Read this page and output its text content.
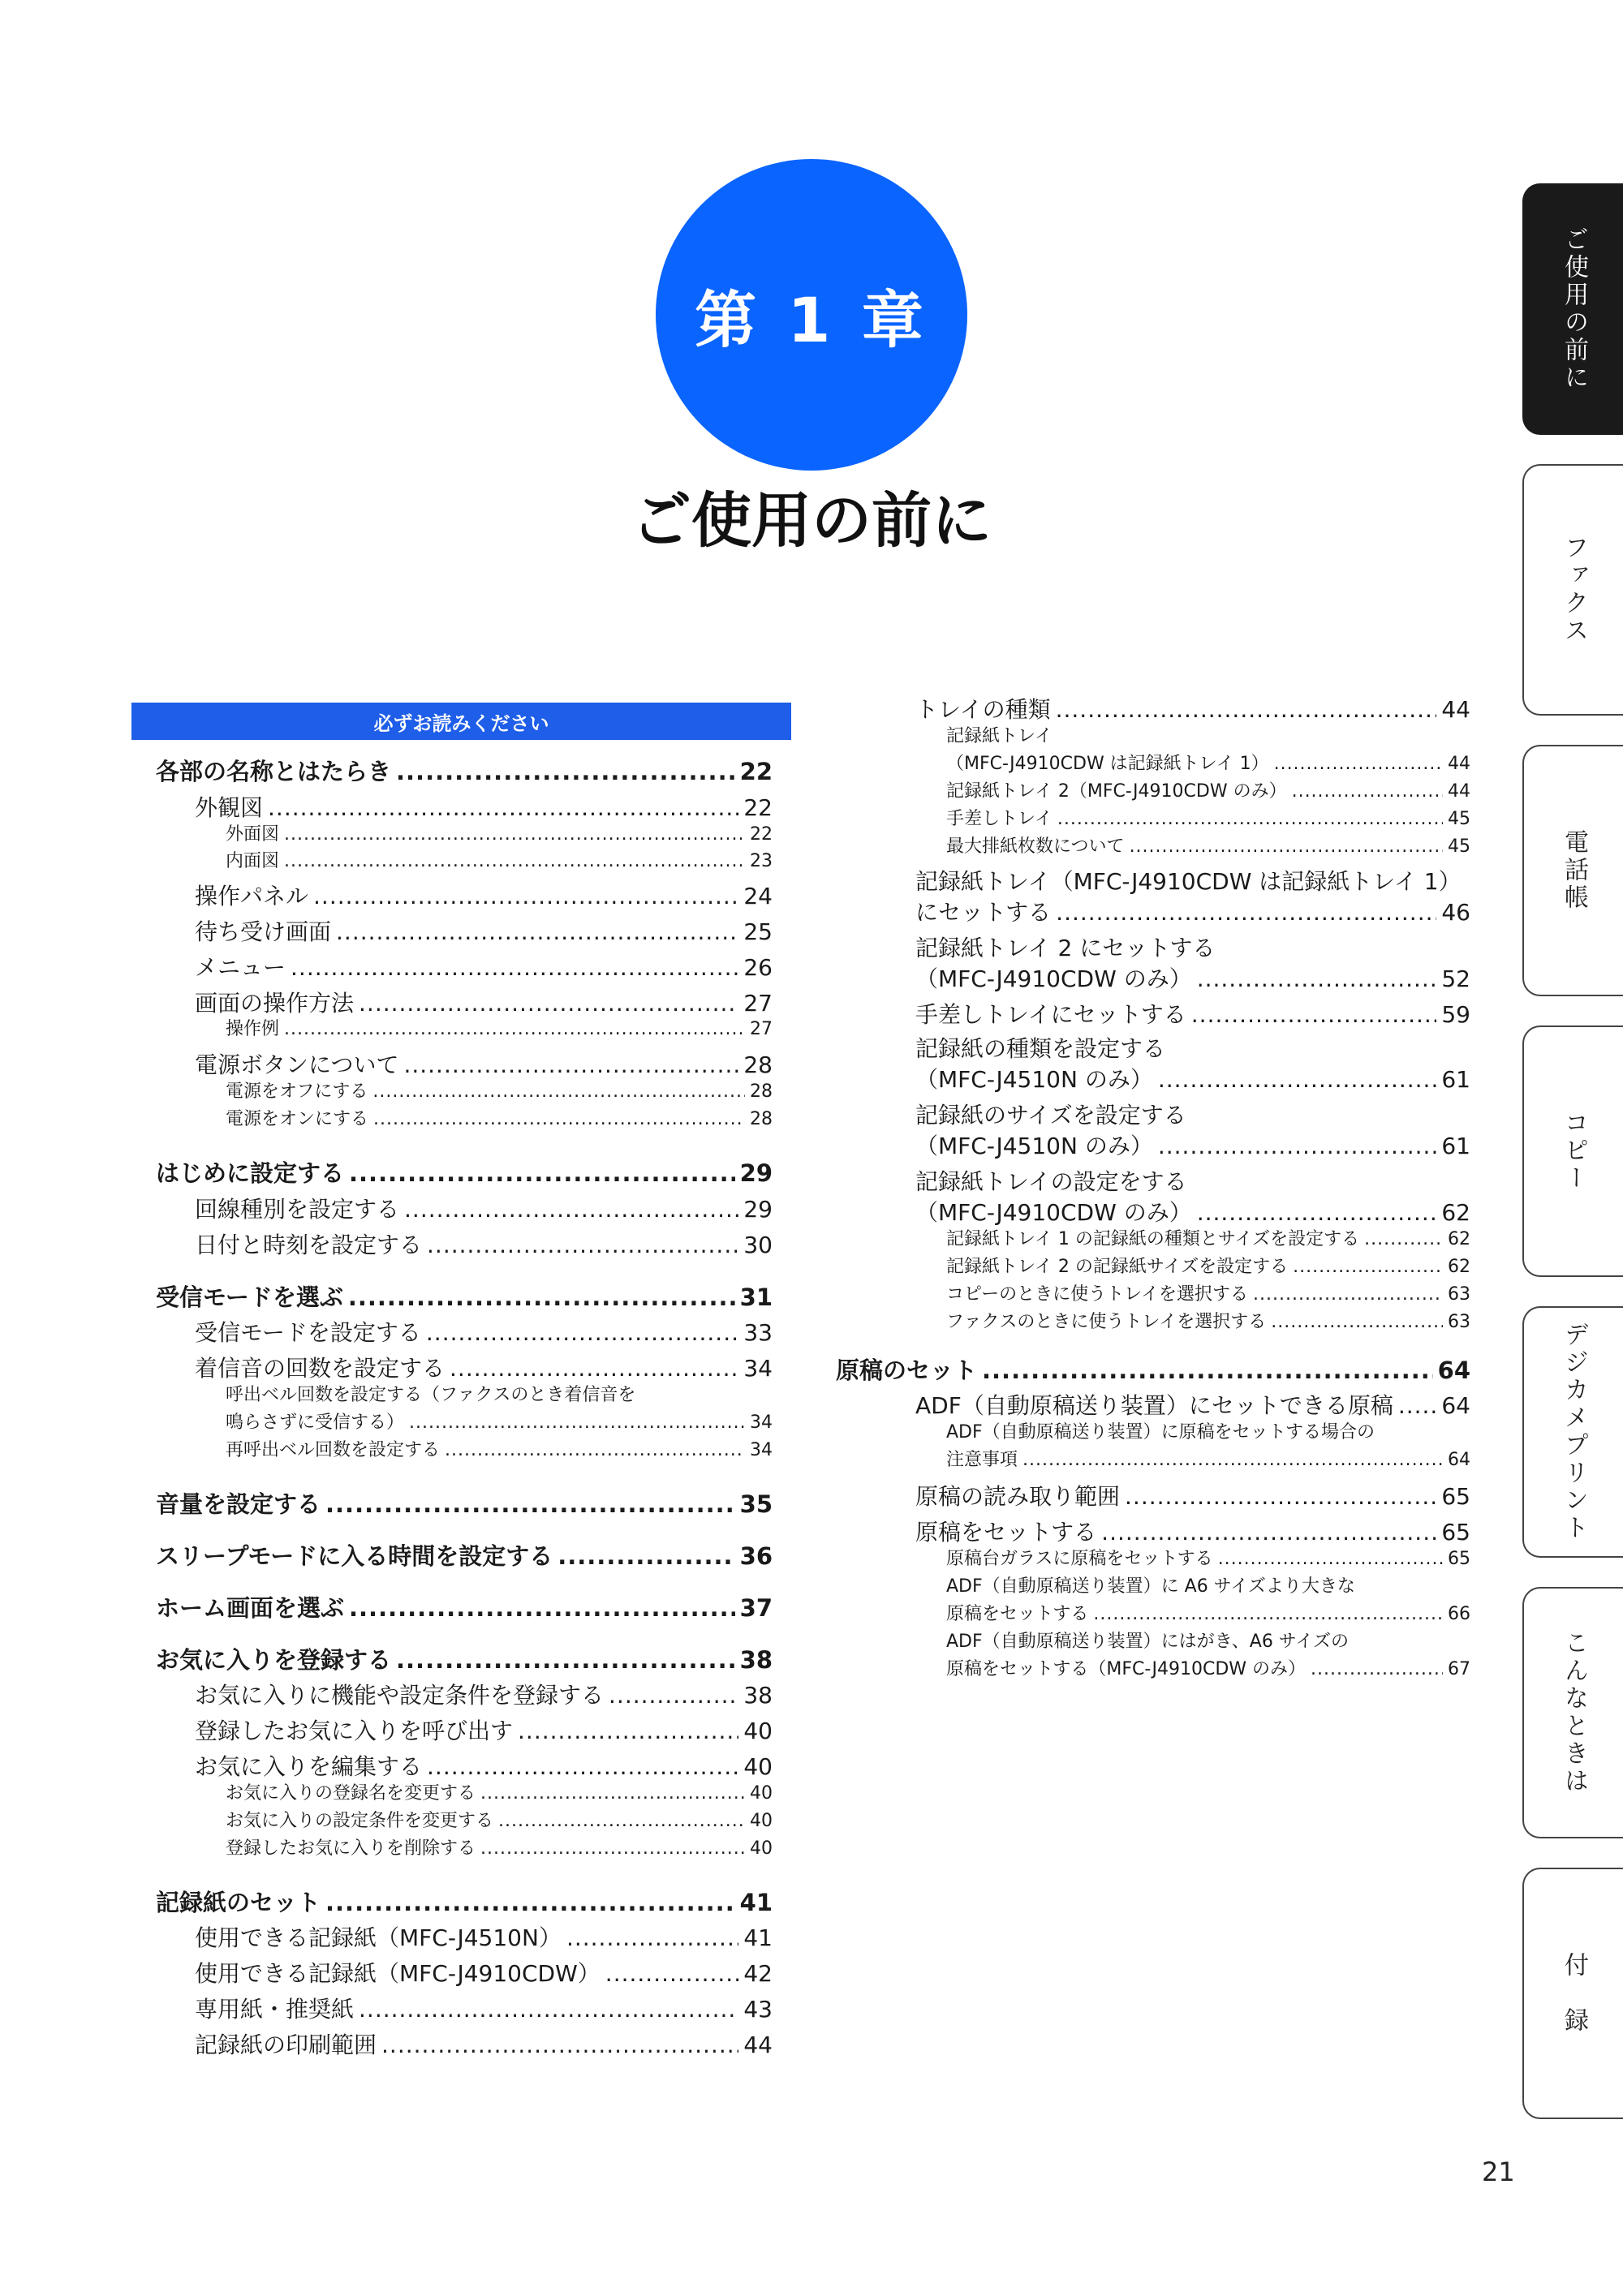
第 1 章
ご使用の前に
必ずお読みください
各部の名称とはたらき .....	22
外観図 .....	22
外面図 .....	22
内面図 .....	23
操作パネル .....	24
待ち受け画面 .....	25
メニュー .....	26
画面の操作方法 .....	27
操作例 .....	27
電源ボタンについて .....	28
電源をオフにする .....	28
電源をオンにする .....	28
はじめに設定する .....	29
回線種別を設定する .....	29
日付と時刻を設定する .....	30
受信モードを選ぶ .....	31
受信モードを設定する .....	33
着信音の回数を設定する .....	34
呼出ベル回数を設定する（ファクスのとき着信音を
鳴らさずに受信する） .....	34
再呼出ベル回数を設定する .....	34
音量を設定する .....	35
スリープモードに入る時間を設定する .....	36
ホーム画面を選ぶ .....	37
お気に入りを登録する .....	38
お気に入りに機能や設定条件を登録する .....	38
登録したお気に入りを呼び出す .....	40
お気に入りを編集する .....	40
お気に入りの登録名を変更する .....	40
お気に入りの設定条件を変更する .....	40
登録したお気に入りを削除する .....	40
記録紙のセット .....	41
使用できる記録紙（MFC-J4510N） .....	41
使用できる記録紙（MFC-J4910CDW） .....	42
専用紙・推奨紙 .....	43
記録紙の印刷範囲 .....	44
トレイの種類 .....	44
記録紙トレイ
（MFC-J4910CDW は記録紙トレイ 1） .....	44
記録紙トレイ 2（MFC-J4910CDW のみ） .....	44
手差しトレイ .....	45
最大排紙枚数について .....	45
記録紙トレイ（MFC-J4910CDW は記録紙トレイ 1）
にセットする .....	46
記録紙トレイ 2 にセットする
（MFC-J4910CDW のみ） .....	52
手差しトレイにセットする .....	59
記録紙の種類を設定する
（MFC-J4510N のみ） .....	61
記録紙のサイズを設定する
（MFC-J4510N のみ） .....	61
記録紙トレイの設定をする
（MFC-J4910CDW のみ） .....	62
記録紙トレイ 1 の記録紙の種類とサイズを設定する .....	62
記録紙トレイ 2 の記録紙サイズを設定する .....	62
コピーのときに使うトレイを選択する .....	63
ファクスのときに使うトレイを選択する .....	63
原稿のセット .....	64
ADF（自動原稿送り装置）にセットできる原稿 ..... 64
ADF（自動原稿送り装置）に原稿をセットする場合の
注意事項 .....	64
原稿の読み取り範囲 .....	65
原稿をセットする .....	65
原稿台ガラスに原稿をセットする .....	65
ADF（自動原稿送り装置）に A6 サイズより大きな
原稿をセットする .....	66
ADF（自動原稿送り装置）にはがき、A6 サイズの
原稿をセットする（MFC-J4910CDW のみ） .....	67
ご使用の前に
ファクス
電話帳
コピー
デジカメプリント
こんなときは
付　録
21
